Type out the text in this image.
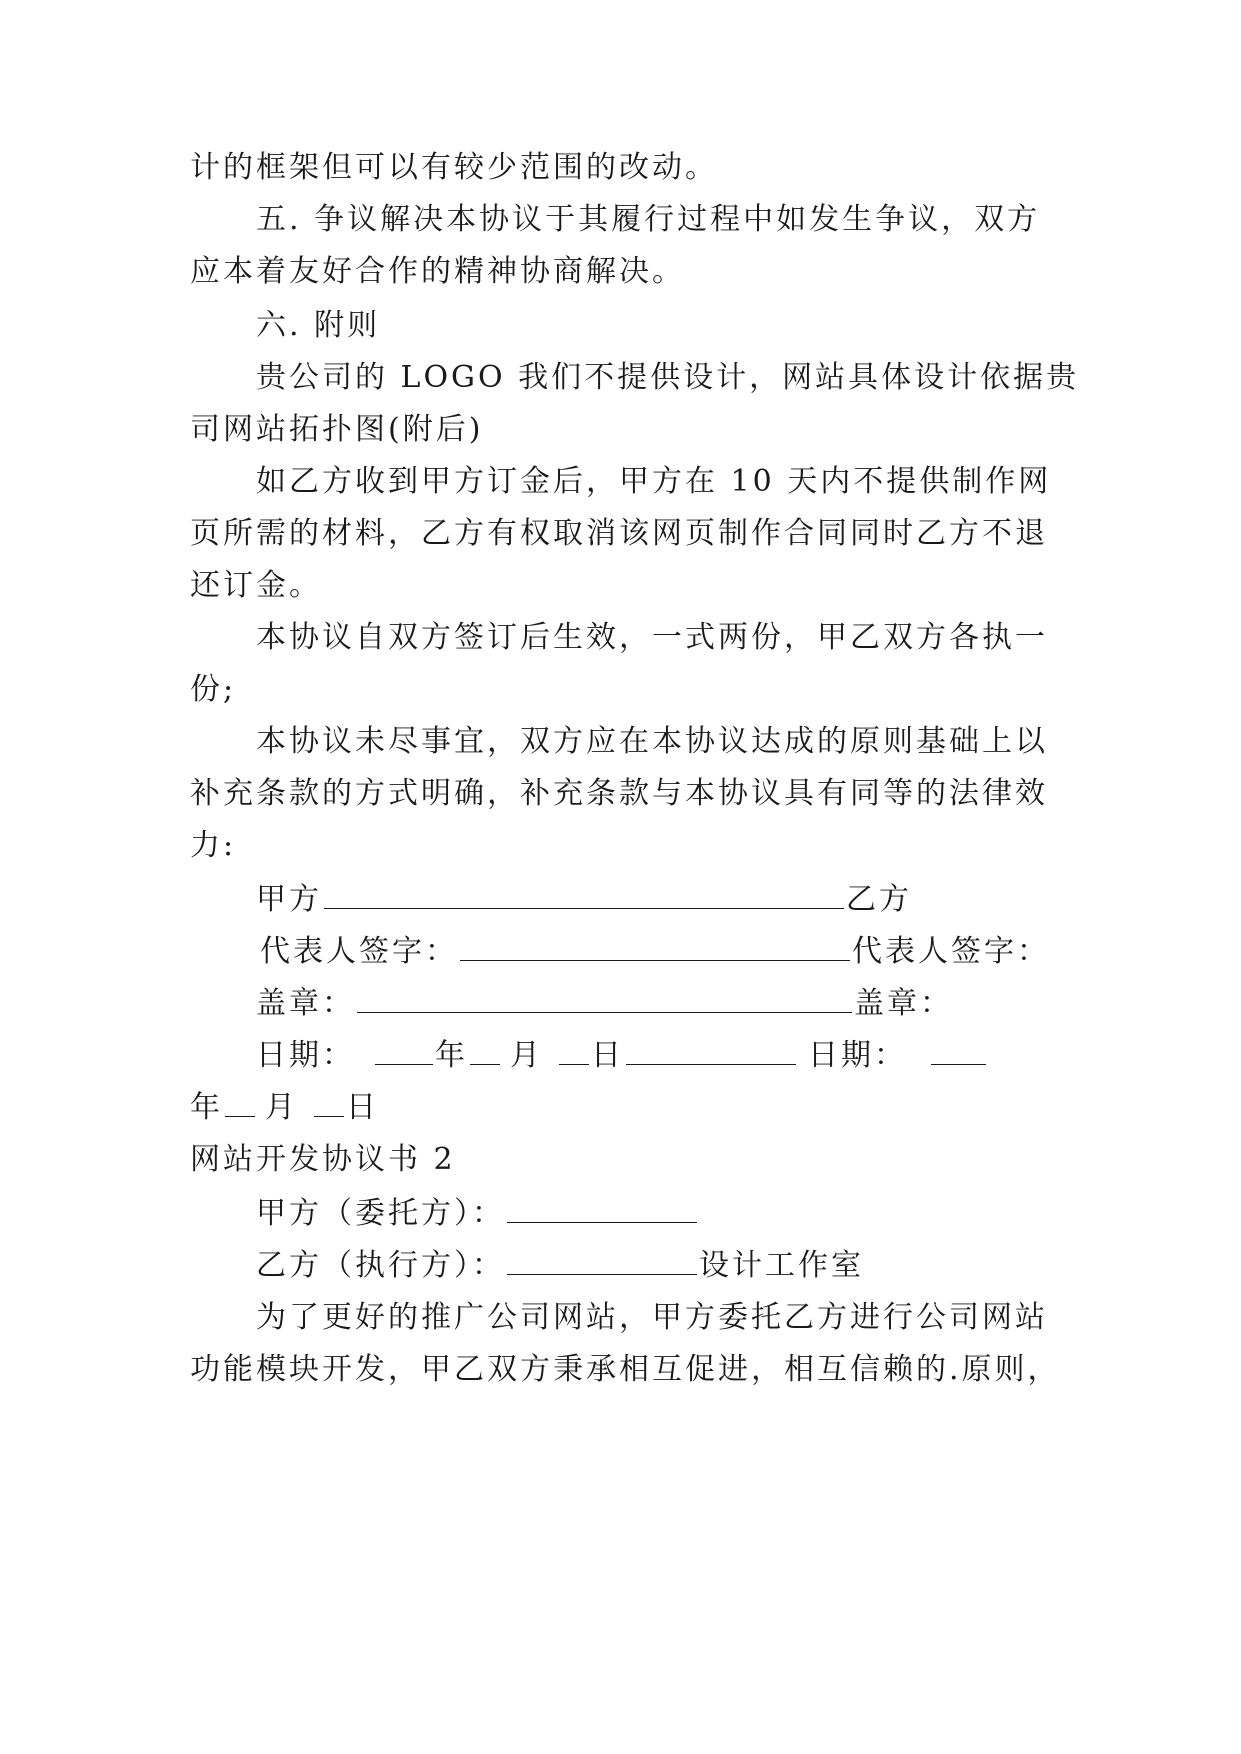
计的框架但可以有较少范围的改动。
五. 争议解决本协议于其履行过程中如发生争议，双方
应本着友好合作的精神协商解决。
六. 附则
贵公司的 LOGO 我们不提供设计，网站具体设计依据贵
司网站拓扑图(附后)
如乙方收到甲方订金后，甲方在 10 天内不提供制作网
页所需的材料，乙方有权取消该网页制作合同同时乙方不退
还订金。
本协议自双方签订后生效，一式两份，甲乙双方各执一
份;
本协议未尽事宜，双方应在本协议达成的原则基础上以
补充条款的方式明确，补充条款与本协议具有同等的法律效
力:
甲方	乙方
代表人签字：	代表人签字：
盖章：	盖章：
日期：	年 月 日	日期：
年 月 日
网站开发协议书 2
甲方（委托方）：
乙方（执行方）：	设计工作室
为了更好的推广公司网站，甲方委托乙方进行公司网站
功能模块开发，甲乙双方秉承相互促进，相互信赖的.原则，
